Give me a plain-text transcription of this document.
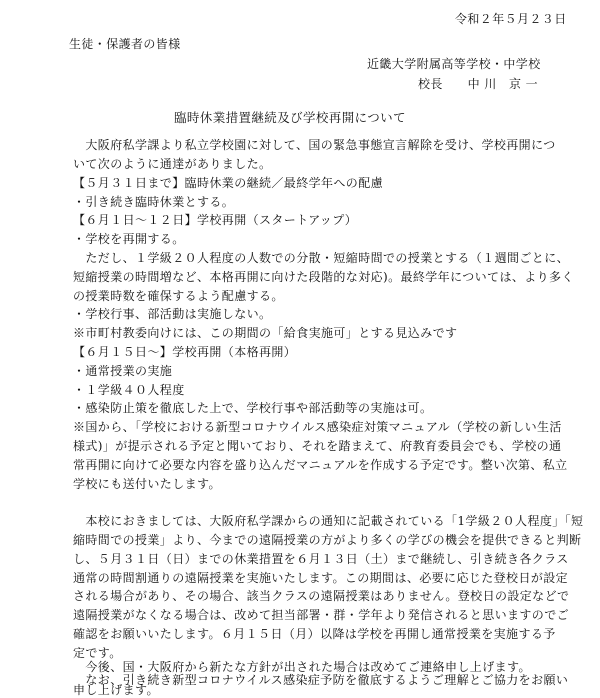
令和２年５月２３日
生徒・保護者の皆様
近畿大学附属高等学校・中学校
校長　　中 川　京 一
臨時休業措置継続及び学校再開について
　大阪府私学課より私立学校園に対して、国の緊急事態宣言解除を受け、学校再開につ
いて次のように通達がありました。
【５月３１日まで】臨時休業の継続／最終学年への配慮
・引き続き臨時休業とする。
【６月１日～１２日】学校再開（スタートアップ）
・学校を再開する。
　ただし、１学級２０人程度の人数での分散・短縮時間での授業とする（１週間ごとに、
短縮授業の時間増など、本格再開に向けた段階的な対応)。最終学年については、より多く
の授業時数を確保するよう配慮する。
・学校行事、部活動は実施しない。
※市町村教委向けには、この期間の「給食実施可」とする見込みです
【６月１５日～】学校再開（本格再開）
・通常授業の実施
・１学級４０人程度
・感染防止策を徹底した上で、学校行事や部活動等の実施は可。
※国から、「学校における新型コロナウイルス感染症対策マニュアル（学校の新しい生活
様式)」が提示される予定と聞いており、それを踏まえて、府教育委員会でも、学校の通
常再開に向けて必要な内容を盛り込んだマニュアルを作成する予定です。整い次第、私立
学校にも送付いたします。
　本校におきましては、大阪府私学課からの通知に記載されている「1学級２０人程度」「短
縮時間での授業」より、今までの遠隔授業の方がより多くの学びの機会を提供できると判断
し、５月３１日（日）までの休業措置を６月１３日（土）まで継続し、引き続き各クラス
通常の時間割通りの遠隔授業を実施いたします。この期間は、必要に応じた登校日が設定
される場合があり、その場合、該当クラスの遠隔授業はありません。登校日の設定などで
遠隔授業がなくなる場合は、改めて担当部署・群・学年より発信されると思いますのでご
確認をお願いいたします。６月１５日（月）以降は学校を再開し通常授業を実施する予
定です。
　今後、国・大阪府から新たな方針が出された場合は改めてご連絡申し上げます。
　なお、引き続き新型コロナウイルス感染症予防を徹底するようご理解とご協力をお願い
申し上げます。
